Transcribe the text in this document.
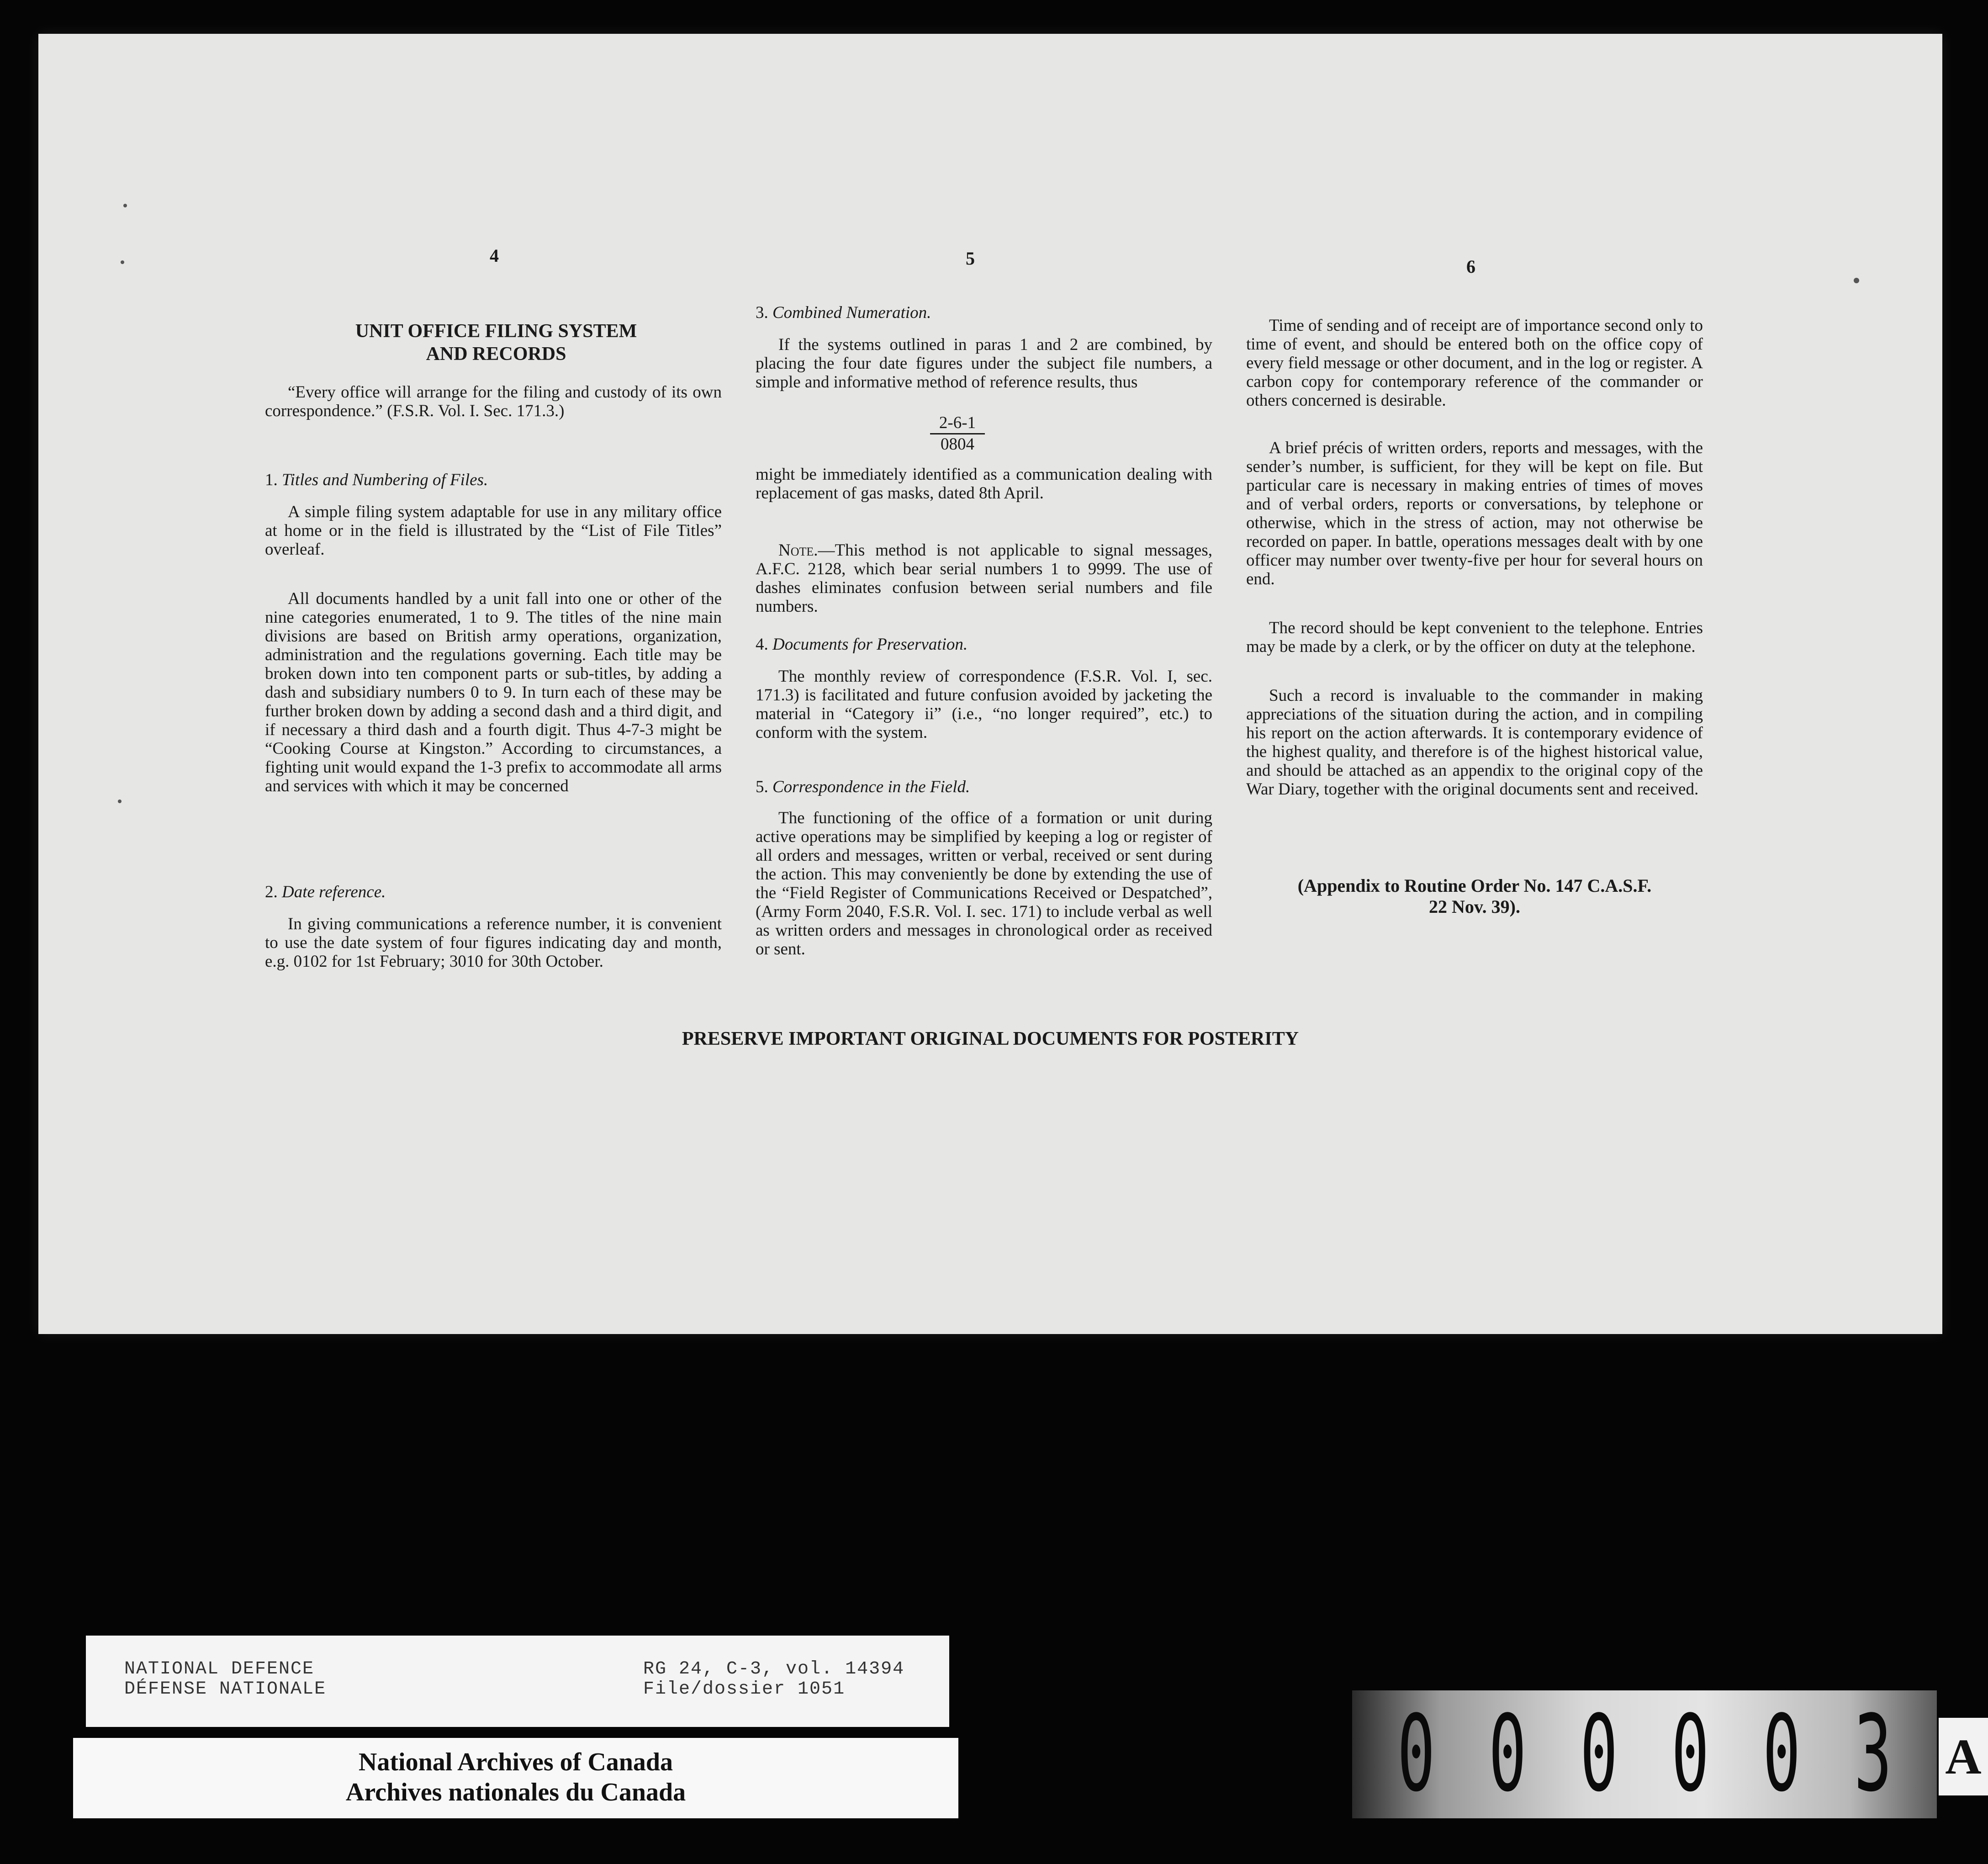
4	5	6
UNIT OFFICE FILING SYSTEM
AND RECORDS
“Every office will arrange for the filing and custody of its own correspondence.” (F.S.R. Vol. I. Sec. 171.3.)
1. Titles and Numbering of Files.
A simple filing system adaptable for use in any military office at home or in the field is illustrated by the “List of File Titles” overleaf.
All documents handled by a unit fall into one or other of the nine categories enumerated, 1 to 9. The titles of the nine main divisions are based on British army operations, organization, administration and the regulations governing. Each title may be broken down into ten component parts or sub-titles, by adding a dash and subsidiary numbers 0 to 9. In turn each of these may be further broken down by adding a second dash and a third digit, and if necessary a third dash and a fourth digit. Thus 4-7-3 might be “Cooking Course at Kingston.” According to circumstances, a fighting unit would expand the 1-3 prefix to accommodate all arms and services with which it may be concerned
2. Date reference.
In giving communications a reference number, it is convenient to use the date system of four figures indicating day and month, e.g. 0102 for 1st February; 3010 for 30th October.
3. Combined Numeration.
If the systems outlined in paras 1 and 2 are combined, by placing the four date figures under the subject file numbers, a simple and informative method of reference results, thus
$\frac{2-6-1}{0804}$
might be immediately identified as a communication dealing with replacement of gas masks, dated 8th April.
Note.—This method is not applicable to signal messages, A.F.C. 2128, which bear serial numbers 1 to 9999. The use of dashes eliminates confusion between serial numbers and file numbers.
4. Documents for Preservation.
The monthly review of correspondence (F.S.R. Vol. I, sec. 171.3) is facilitated and future confusion avoided by jacketing the material in “Category ii” (i.e., “no longer required”, etc.) to conform with the system.
5. Correspondence in the Field.
The functioning of the office of a formation or unit during active operations may be simplified by keeping a log or register of all orders and messages, written or verbal, received or sent during the action. This may conveniently be done by extending the use of the “Field Register of Communications Received or Despatched”, (Army Form 2040, F.S.R. Vol. I. sec. 171) to include verbal as well as written orders and messages in chronological order as received or sent.
Time of sending and of receipt are of importance second only to time of event, and should be entered both on the office copy of every field message or other document, and in the log or register. A carbon copy for contemporary reference of the commander or others concerned is desirable.
A brief précis of written orders, reports and messages, with the sender’s number, is sufficient, for they will be kept on file. But particular care is necessary in making entries of times of moves and of verbal orders, reports or conversations, by telephone or otherwise, which in the stress of action, may not otherwise be recorded on paper. In battle, operations messages dealt with by one officer may number over twenty-five per hour for several hours on end.
The record should be kept convenient to the telephone. Entries may be made by a clerk, or by the officer on duty at the telephone.
Such a record is invaluable to the commander in making appreciations of the situation during the action, and in compiling his report on the action afterwards. It is contemporary evidence of the highest quality, and therefore is of the highest historical value, and should be attached as an appendix to the original copy of the War Diary, together with the original documents sent and received.
(Appendix to Routine Order No. 147 C.A.S.F.
22 Nov. 39).
PRESERVE IMPORTANT ORIGINAL DOCUMENTS FOR POSTERITY
NATIONAL DEFENCE
DÉFENSE NATIONALE
RG 24, C-3, vol. 14394
File/dossier 1051
National Archives of Canada
Archives nationales du Canada	0 0 0 0 0 3 A
